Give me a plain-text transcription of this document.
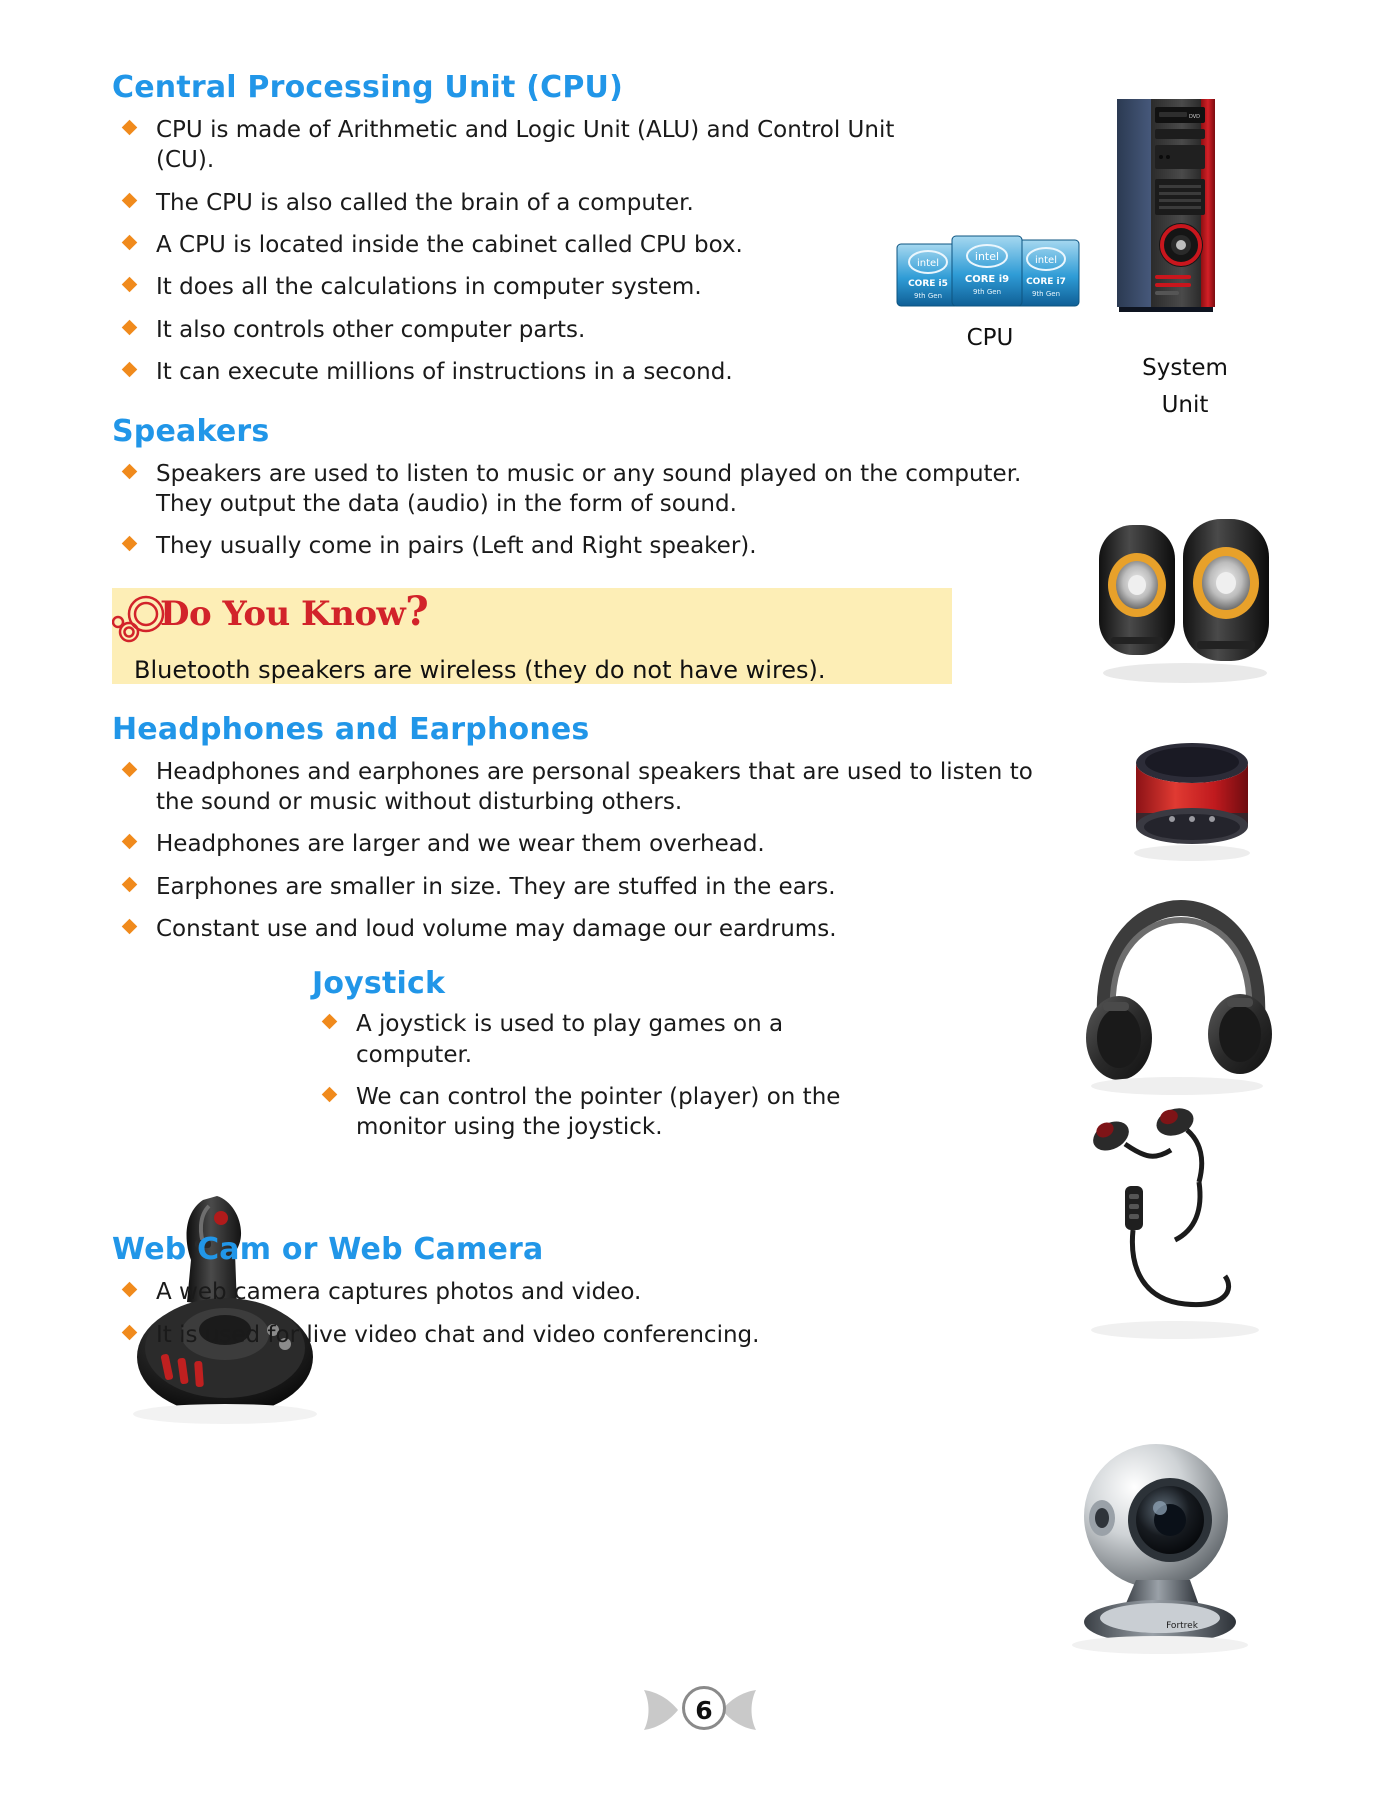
DVD
intel
CORE i5
9th Gen
intel
CORE i7
9th Gen
intel
CORE i9
9th Gen
CPU
System
Unit
Fortrek
Central Processing Unit (CPU)
CPU is made of Arithmetic and Logic Unit (ALU) and Control Unit (CU).
The CPU is also called the brain of a computer.
A CPU is located inside the cabinet called CPU box.
It does all the calculations in computer system.
It also controls other computer parts.
It can execute millions of instructions in a second.
Speakers
Speakers are used to listen to music or any sound played on the computer. They output the data (audio) in the form of sound.
They usually come in pairs (Left and Right speaker).
Do You Know?
Bluetooth speakers are wireless (they do not have wires).
Headphones and Earphones
Headphones and earphones are personal speakers that are used to listen to the sound or music without disturbing others.
Headphones are larger and we wear them overhead.
Earphones are smaller in size. They are stuffed in the ears.
Constant use and loud volume may damage our eardrums.
Joystick
A joystick is used to play games on a computer.
We can control the pointer (player) on the monitor using the joystick.
Web Cam or Web Camera
A web camera captures photos and video.
It is used for live video chat and video conferencing.
6
